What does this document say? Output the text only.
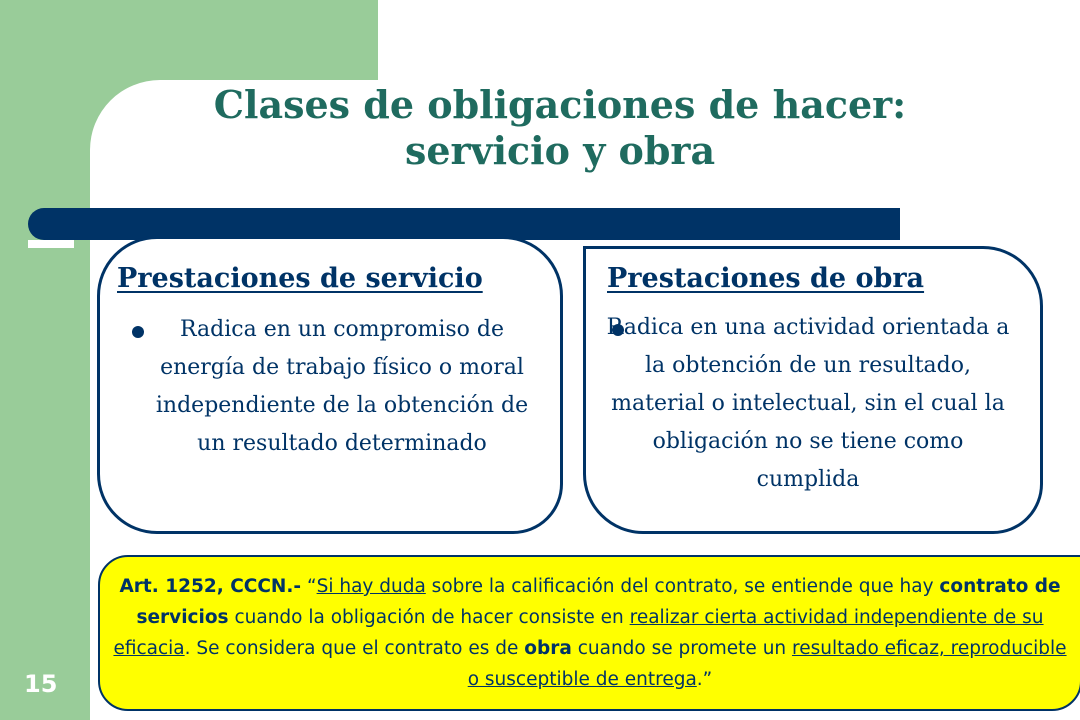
Clases de obligaciones de hacer:
servicio y obra
Prestaciones de servicio
Radica en un compromiso de energía de trabajo físico o moral independiente de la obtención de un resultado determinado
Prestaciones de obra
Radica en una actividad orientada a la obtención de un resultado, material o intelectual, sin el cual la obligación no se tiene como cumplida
Art. 1252, CCCN.- “Si hay duda sobre la calificación del contrato, se entiende que hay contrato de servicios cuando la obligación de hacer consiste en realizar cierta actividad independiente de su eficacia. Se considera que el contrato es de obra cuando se promete un resultado eficaz, reproducible o susceptible de entrega.”
15
